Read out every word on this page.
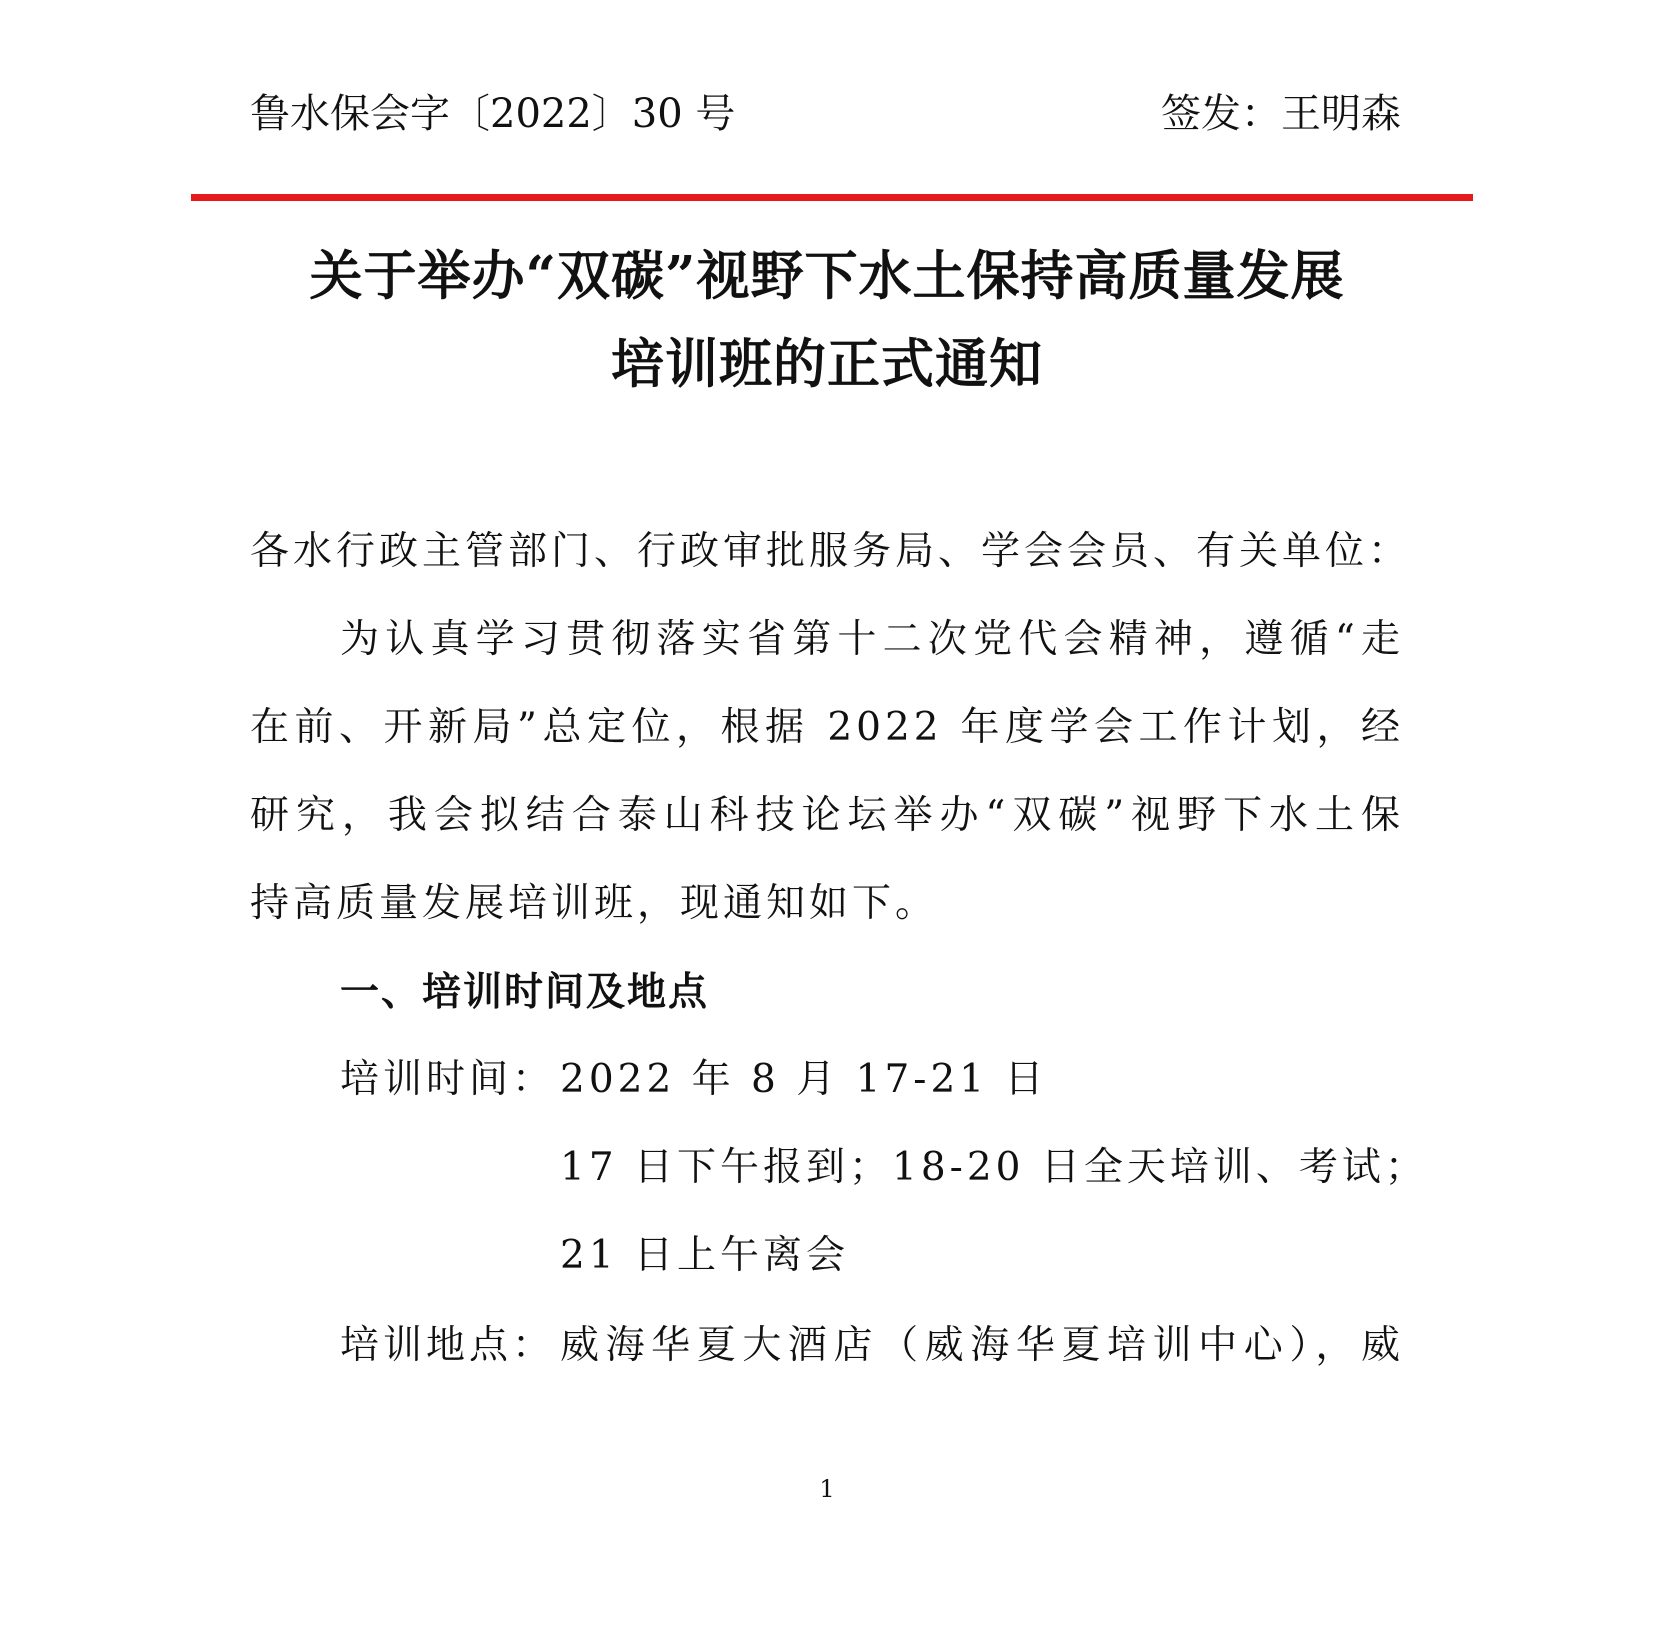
鲁水保会字〔2022〕30 号	签发：王明森
关于举办“双碳”视野下水土保持高质量发展
培训班的正式通知
各水行政主管部门、行政审批服务局、学会会员、有关单位：
为认真学习贯彻落实省第十二次党代会精神，遵循“走
在前、开新局”总定位，根据 2022 年度学会工作计划，经
研究，我会拟结合泰山科技论坛举办“双碳”视野下水土保
持高质量发展培训班，现通知如下。
一、培训时间及地点
培训时间： 2022 年 8 月 17-21 日
17 日下午报到；18-20 日全天培训、考试；
21 日上午离会
培训地点： 威海华夏大酒店（威海华夏培训中心），威
1
